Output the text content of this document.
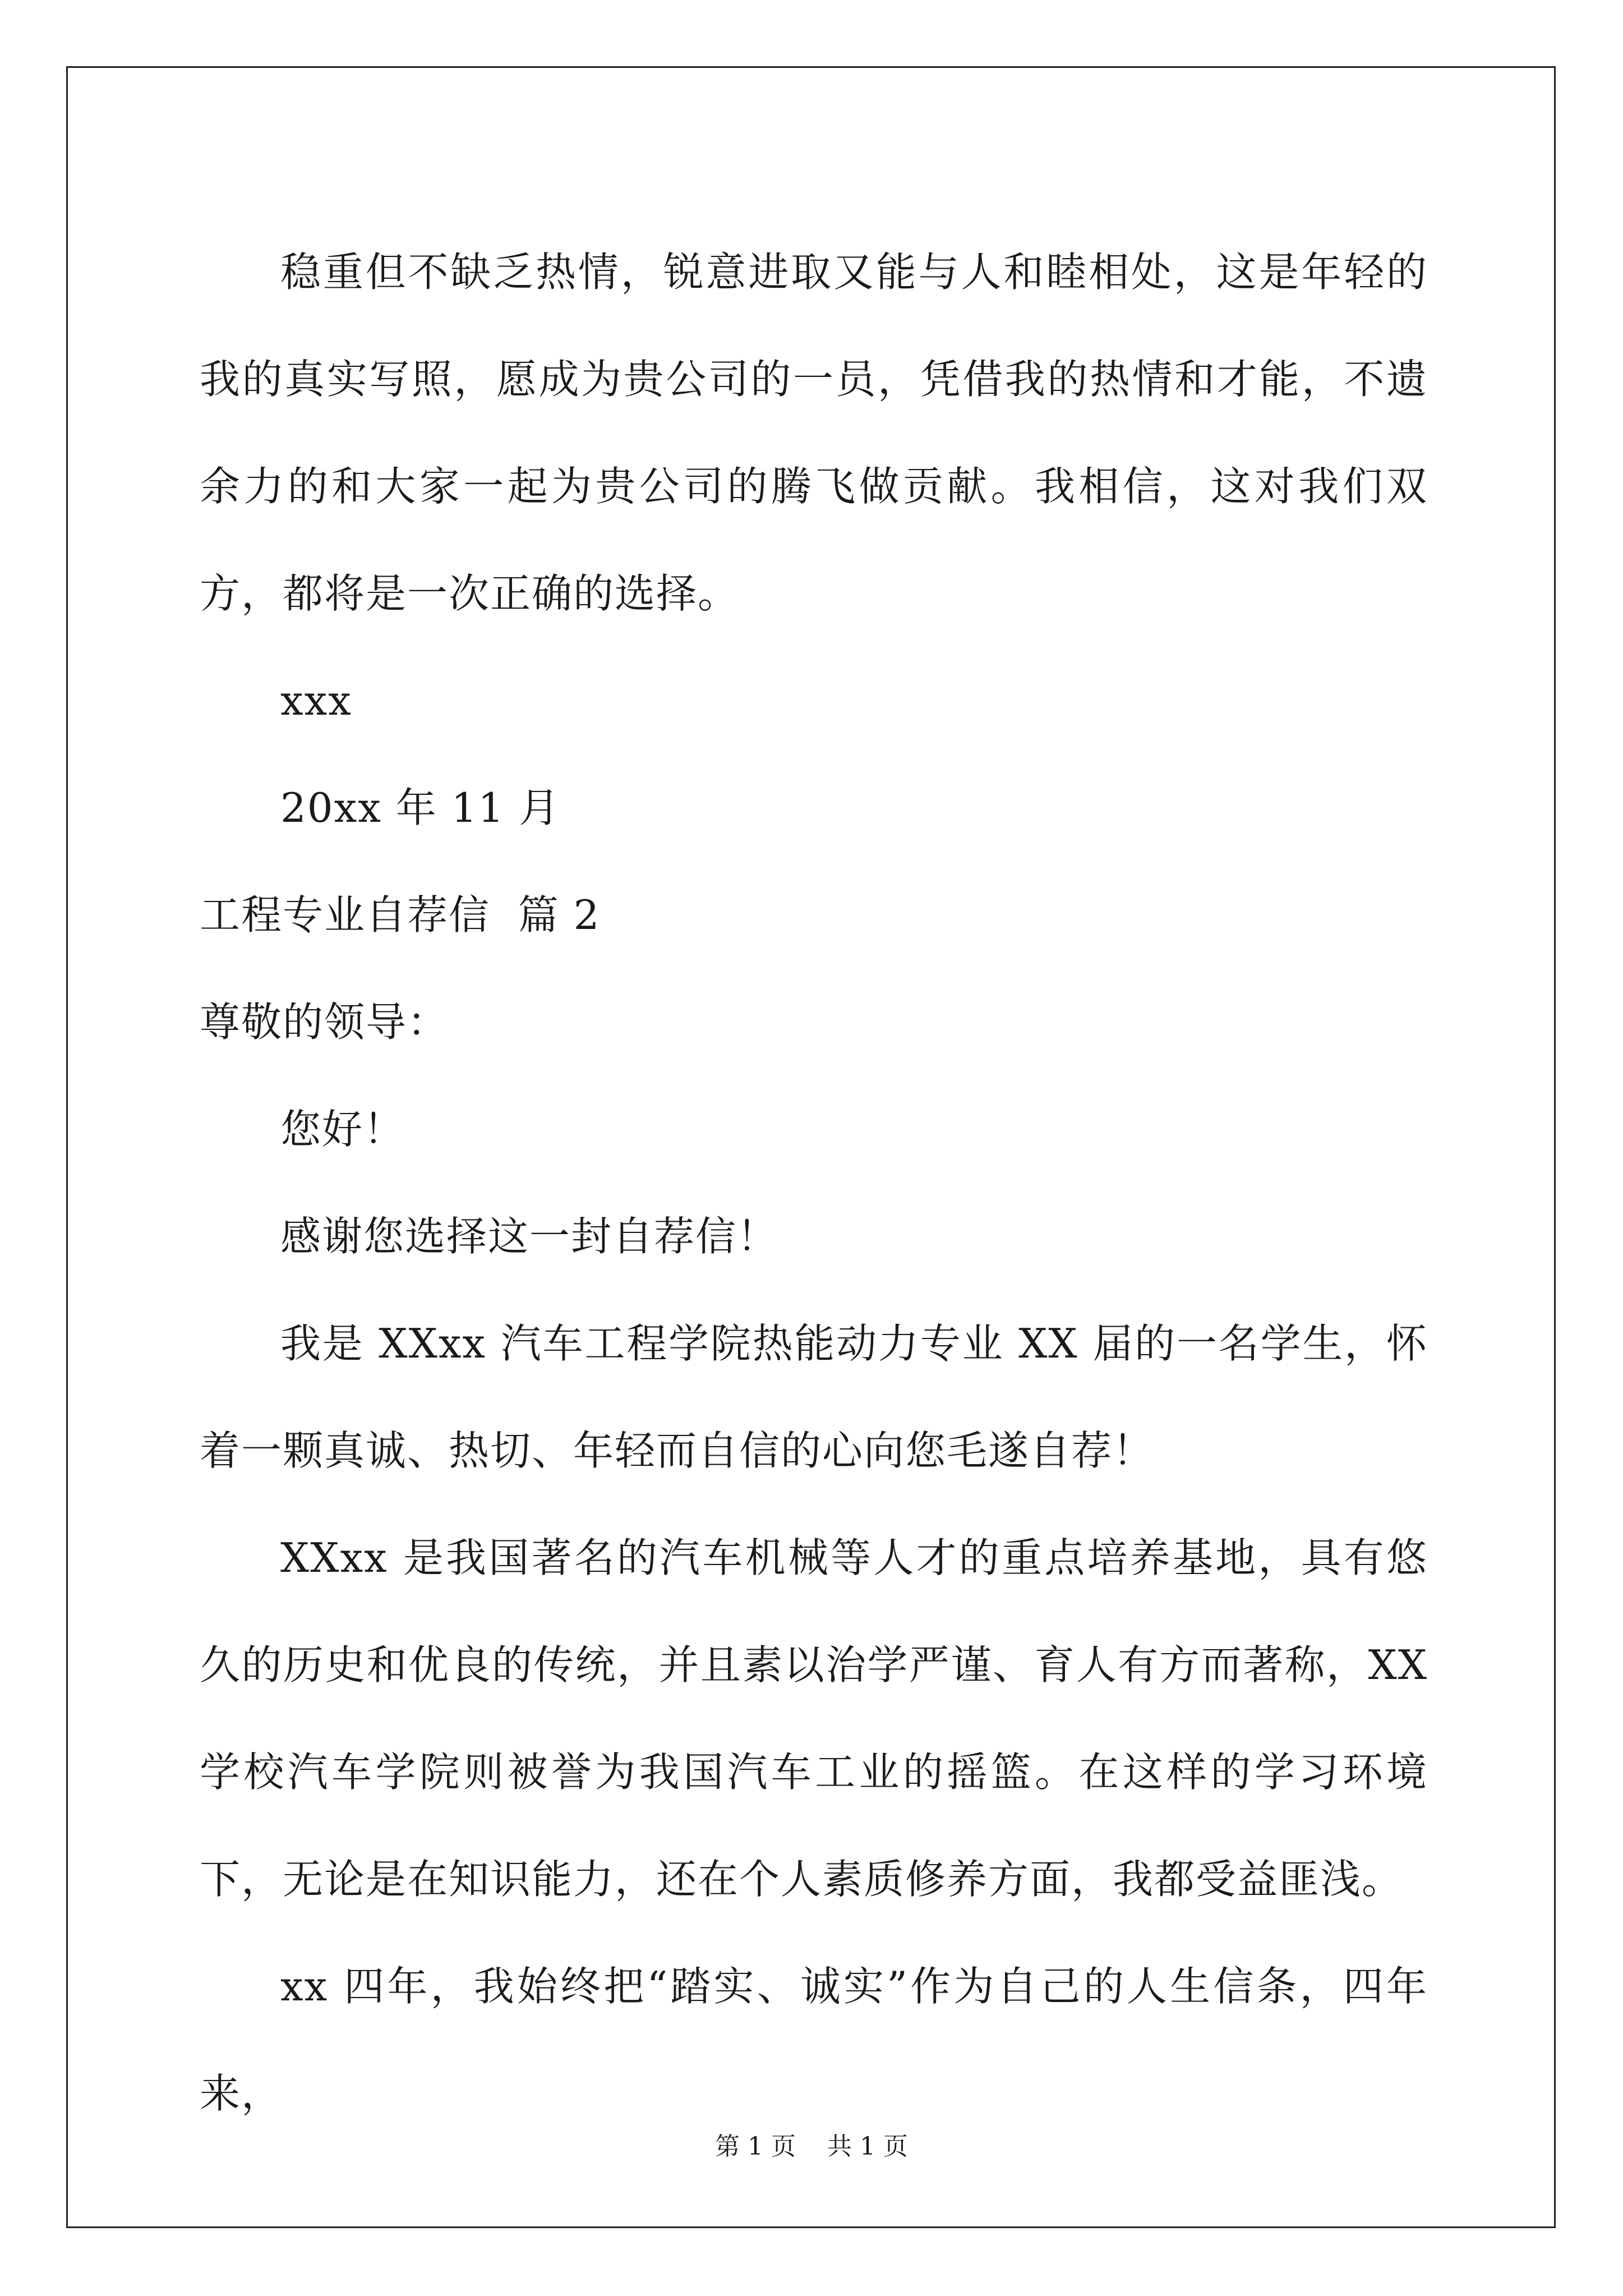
稳重但不缺乏热情，锐意进取又能与人和睦相处，这是年轻的我的真实写照，愿成为贵公司的一员，凭借我的热情和才能，不遗余力的和大家一起为贵公司的腾飞做贡献。我相信，这对我们双方，都将是一次正确的选择。

xxx

20xx 年 11 月

工程专业自荐信  篇 2

尊敬的领导：

您好！

感谢您选择这一封自荐信！

我是 XXxx 汽车工程学院热能动力专业 XX 届的一名学生，怀着一颗真诚、热切、年轻而自信的心向您毛遂自荐！

XXxx 是我国著名的汽车机械等人才的重点培养基地，具有悠久的历史和优良的传统，并且素以治学严谨、育人有方而著称，XX 学校汽车学院则被誉为我国汽车工业的摇篮。在这样的学习环境下，无论是在知识能力，还在个人素质修养方面，我都受益匪浅。

xx 四年，我始终把“踏实、诚实”作为自己的人生信条，四年来，

第 1 页    共 1 页
